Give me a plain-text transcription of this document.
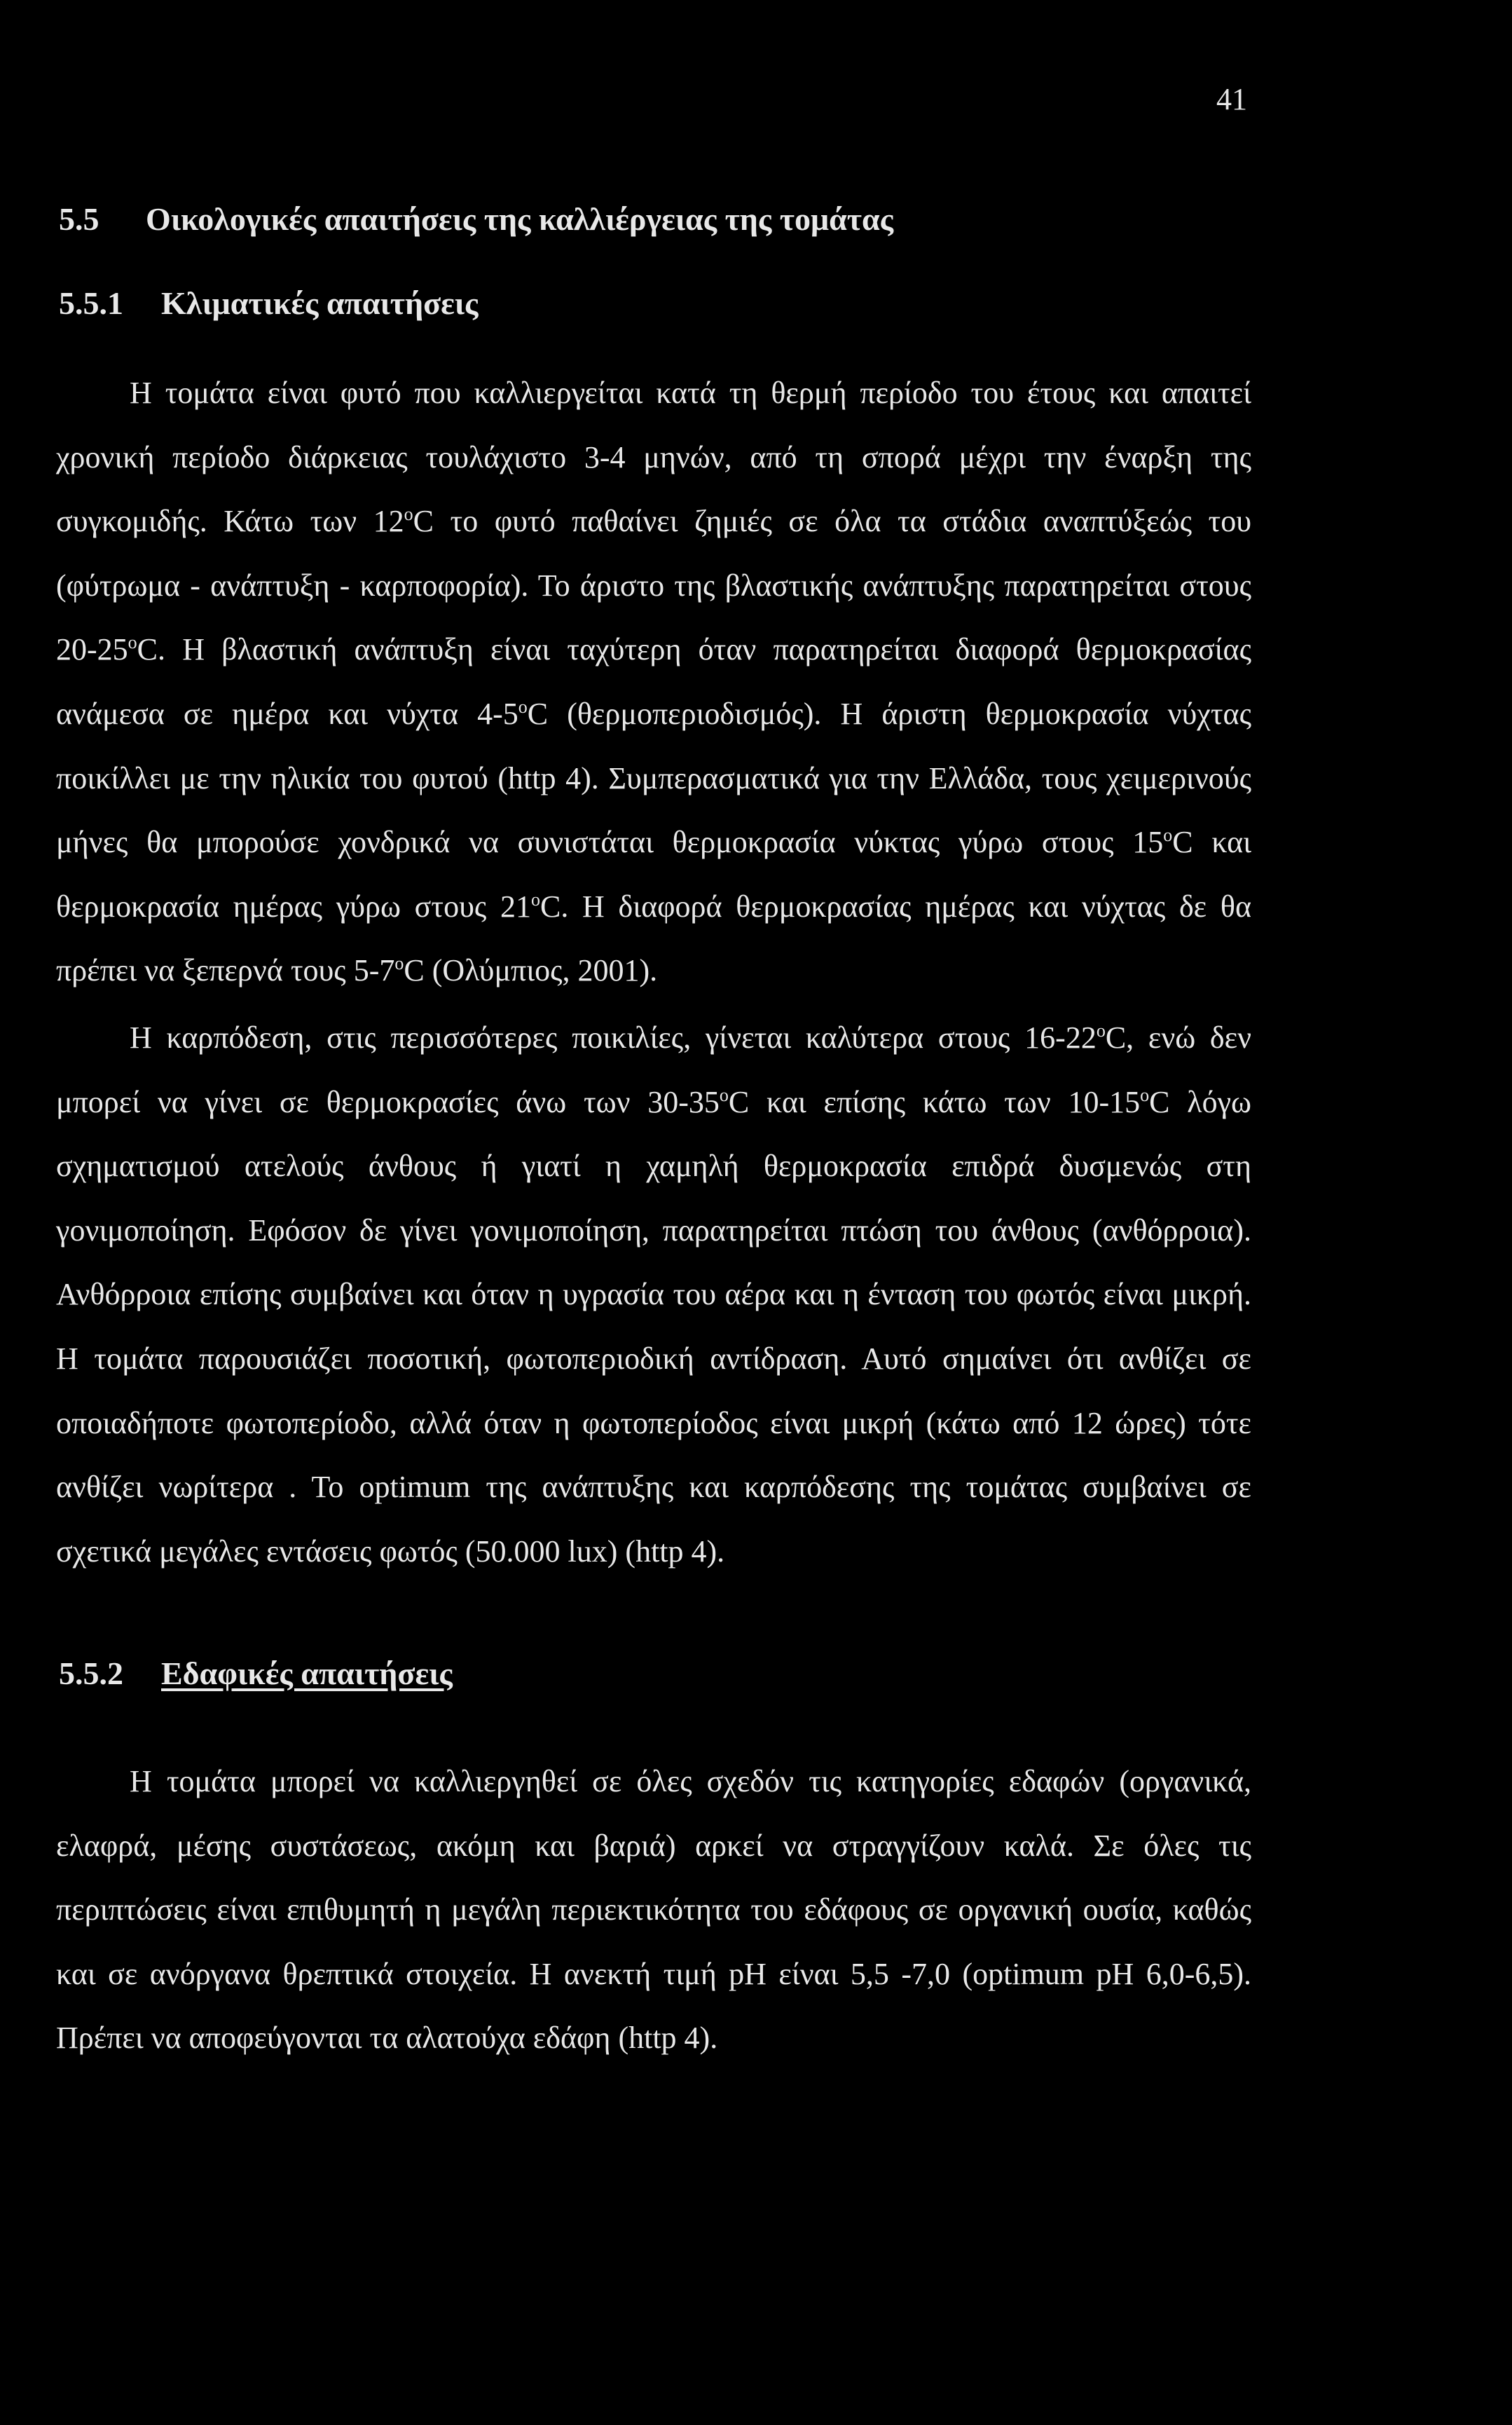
41
5.5 Οικολογικές απαιτήσεις της καλλιέργειας της τομάτας
5.5.1 Κλιματικές απαιτήσεις
Η τομάτα είναι φυτό που καλλιεργείται κατά τη θερμή περίοδο του έτους και απαιτεί χρονική περίοδο διάρκειας τουλάχιστο 3-4 μηνών, από τη σπορά μέχρι την έναρξη της συγκομιδής. Κάτω των 12$^o$C το φυτό παθαίνει ζημιές σε όλα τα στάδια αναπτύξεώς του (φύτρωμα - ανάπτυξη - καρποφορία). Το άριστο της βλαστικής ανάπτυξης παρατηρείται στους 20-25$^o$C. Η βλαστική ανάπτυξη είναι ταχύτερη όταν παρατηρείται διαφορά θερμοκρασίας ανάμεσα σε ημέρα και νύχτα 4-5$^o$C (θερμοπεριοδισμός). Η άριστη θερμοκρασία νύχτας ποικίλλει με την ηλικία του φυτού (http 4). Συμπερασματικά για την Ελλάδα, τους χειμερινούς μήνες θα μπορούσε χονδρικά να συνιστάται θερμοκρασία νύκτας γύρω στους 15$^o$C και θερμοκρασία ημέρας γύρω στους 21$^o$C. Η διαφορά θερμοκρασίας ημέρας και νύχτας δε θα πρέπει να ξεπερνά τους 5-7$^o$C (Ολύμπιος, 2001).
Η καρπόδεση, στις περισσότερες ποικιλίες, γίνεται καλύτερα στους 16-22$^o$C, ενώ δεν μπορεί να γίνει σε θερμοκρασίες άνω των 30-35$^o$C και επίσης κάτω των 10-15$^o$C λόγω σχηματισμού ατελούς άνθους ή γιατί η χαμηλή θερμοκρασία επιδρά δυσμενώς στη γονιμοποίηση. Εφόσον δε γίνει γονιμοποίηση, παρατηρείται πτώση του άνθους (ανθόρροια). Ανθόρροια επίσης συμβαίνει και όταν η υγρασία του αέρα και η ένταση του φωτός είναι μικρή. Η τομάτα παρουσιάζει ποσοτική, φωτοπεριοδική αντίδραση. Αυτό σημαίνει ότι ανθίζει σε οποιαδήποτε φωτοπερίοδο, αλλά όταν η φωτοπερίοδος είναι μικρή (κάτω από 12 ώρες) τότε ανθίζει νωρίτερα . Το optimum της ανάπτυξης και καρπόδεσης της τομάτας συμβαίνει σε σχετικά μεγάλες εντάσεις φωτός (50.000 lux) (http 4).
5.5.2 Εδαφικές απαιτήσεις
Η τομάτα μπορεί να καλλιεργηθεί σε όλες σχεδόν τις κατηγορίες εδαφών (οργανικά, ελαφρά, μέσης συστάσεως, ακόμη και βαριά) αρκεί να στραγγίζουν καλά. Σε όλες τις περιπτώσεις είναι επιθυμητή η μεγάλη περιεκτικότητα του εδάφους σε οργανική ουσία, καθώς και σε ανόργανα θρεπτικά στοιχεία. Η ανεκτή τιμή pH είναι 5,5 -7,0 (optimum pH 6,0-6,5). Πρέπει να αποφεύγονται τα αλατούχα εδάφη (http 4).
